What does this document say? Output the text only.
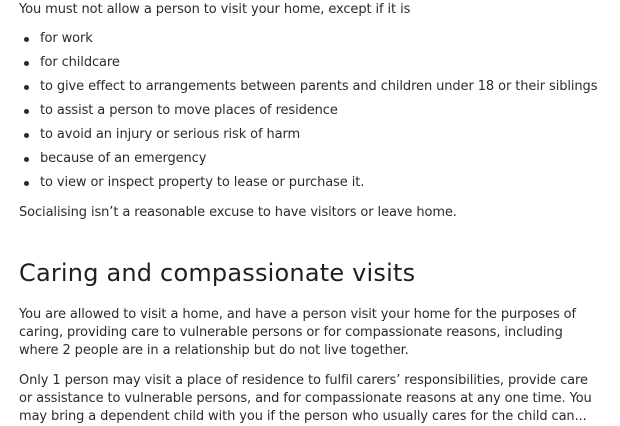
You must not allow a person to visit your home, except if it is

for work
for childcare
to give effect to arrangements between parents and children under 18 or their siblings
to assist a person to move places of residence
to avoid an injury or serious risk of harm
because of an emergency
to view or inspect property to lease or purchase it.

Socialising isn’t a reasonable excuse to have visitors or leave home.

Caring and compassionate visits

You are allowed to visit a home, and have a person visit your home for the purposes of caring, providing care to vulnerable persons or for compassionate reasons, including where 2 people are in a relationship but do not live together.

Only 1 person may visit a place of residence to fulfil carers’ responsibilities, provide care or assistance to vulnerable persons, and for compassionate reasons at any one time. You may bring a dependent child with you if the person who usually cares for the child can...
